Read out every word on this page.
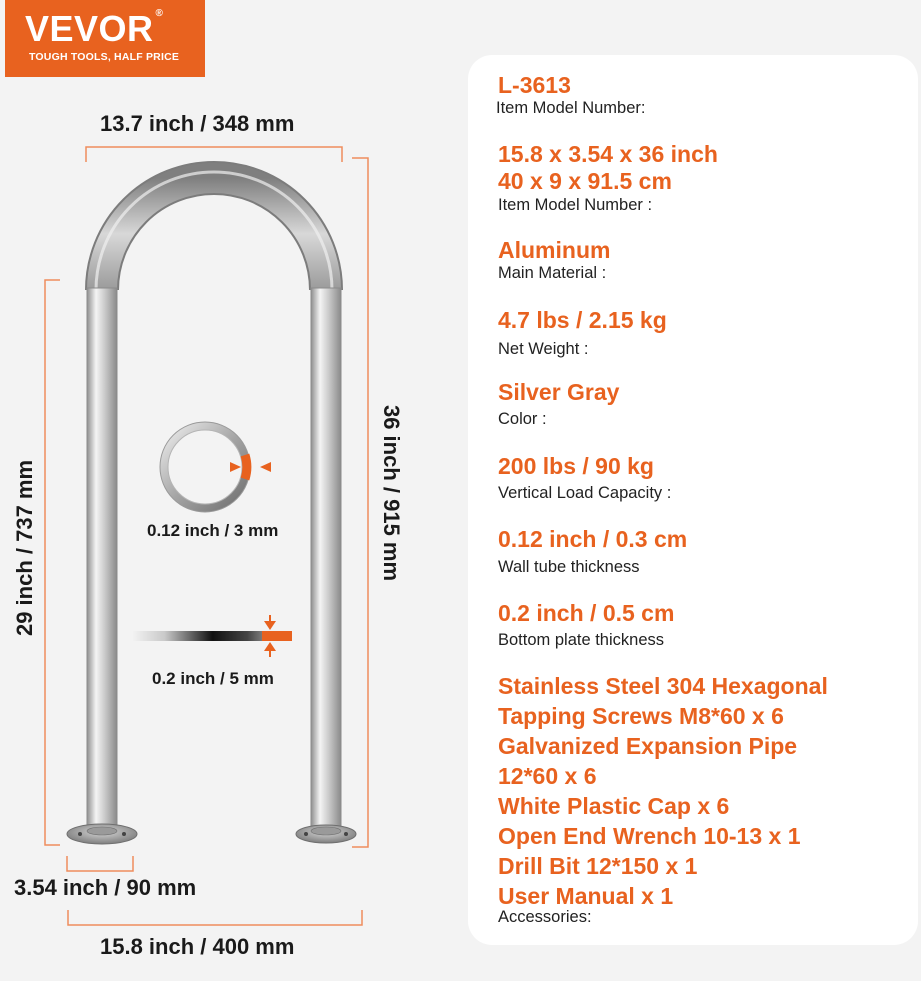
VEVOR ®
TOUGH TOOLS, HALF PRICE
13.7 inch / 348 mm
29 inch / 737 mm	36 inch / 915 mm
0.12 inch / 3 mm
0.2 inch / 5 mm
3.54 inch / 90 mm
15.8 inch / 400 mm
L-3613
Item Model Number:
15.8 x 3.54 x 36 inch
40 x 9 x 91.5 cm
Item Model Number :
Aluminum
Main Material :
4.7 lbs / 2.15 kg
Net Weight :
Silver Gray
Color :
200 lbs / 90 kg
Vertical Load Capacity :
0.12 inch / 0.3 cm
Wall tube thickness
0.2 inch / 0.5 cm
Bottom plate thickness
Stainless Steel 304 Hexagonal
Tapping Screws M8*60 x 6
Galvanized Expansion Pipe
12*60 x 6
White Plastic Cap x 6
Open End Wrench 10-13 x 1
Drill Bit 12*150 x 1
User Manual x 1
Accessories:
